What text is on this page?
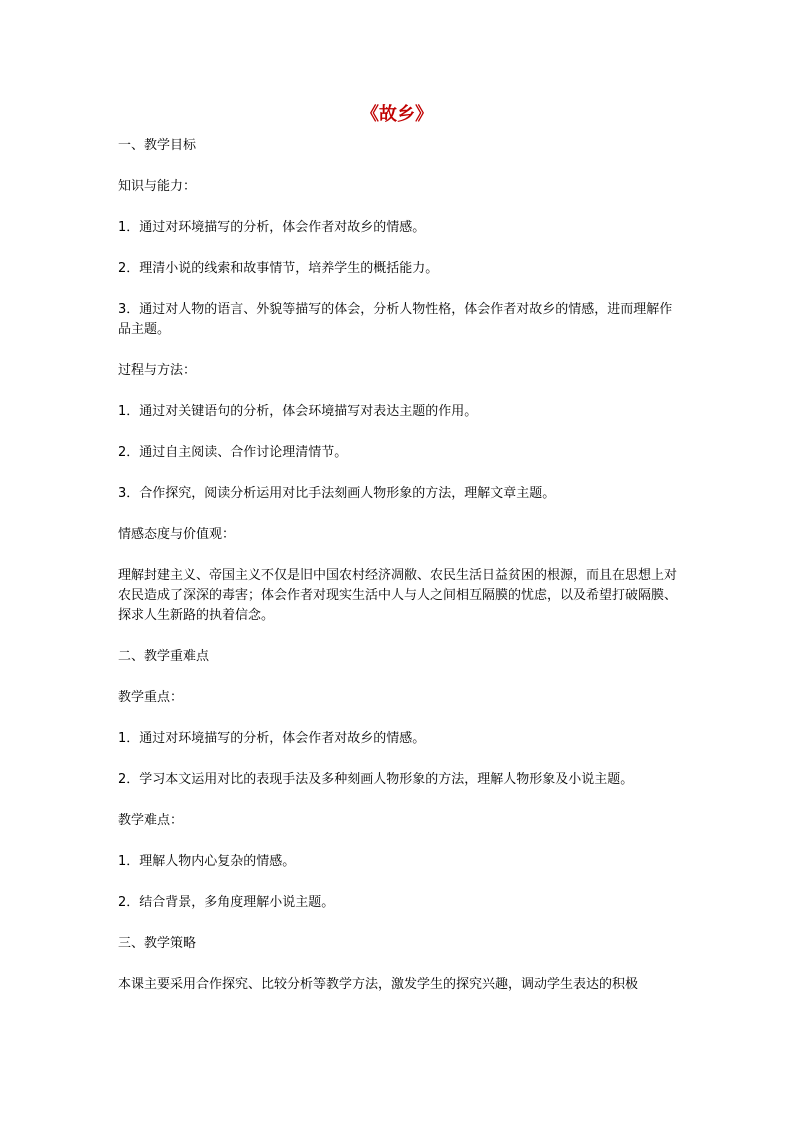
《故乡》
一、教学目标
知识与能力：
1．通过对环境描写的分析，体会作者对故乡的情感。
2．理清小说的线索和故事情节，培养学生的概括能力。
3．通过对人物的语言、外貌等描写的体会，分析人物性格，体会作者对故乡的情感，进而理解作品主题。
过程与方法：
1．通过对关键语句的分析，体会环境描写对表达主题的作用。
2．通过自主阅读、合作讨论理清情节。
3．合作探究，阅读分析运用对比手法刻画人物形象的方法，理解文章主题。
情感态度与价值观：
理解封建主义、帝国主义不仅是旧中国农村经济凋敝、农民生活日益贫困的根源，而且在思想上对农民造成了深深的毒害；体会作者对现实生活中人与人之间相互隔膜的忧虑，以及希望打破隔膜、探求人生新路的执着信念。
二、教学重难点
教学重点：
1．通过对环境描写的分析，体会作者对故乡的情感。
2．学习本文运用对比的表现手法及多种刻画人物形象的方法，理解人物形象及小说主题。
教学难点：
1．理解人物内心复杂的情感。
2．结合背景，多角度理解小说主题。
三、教学策略
本课主要采用合作探究、比较分析等教学方法，激发学生的探究兴趣，调动学生表达的积极
